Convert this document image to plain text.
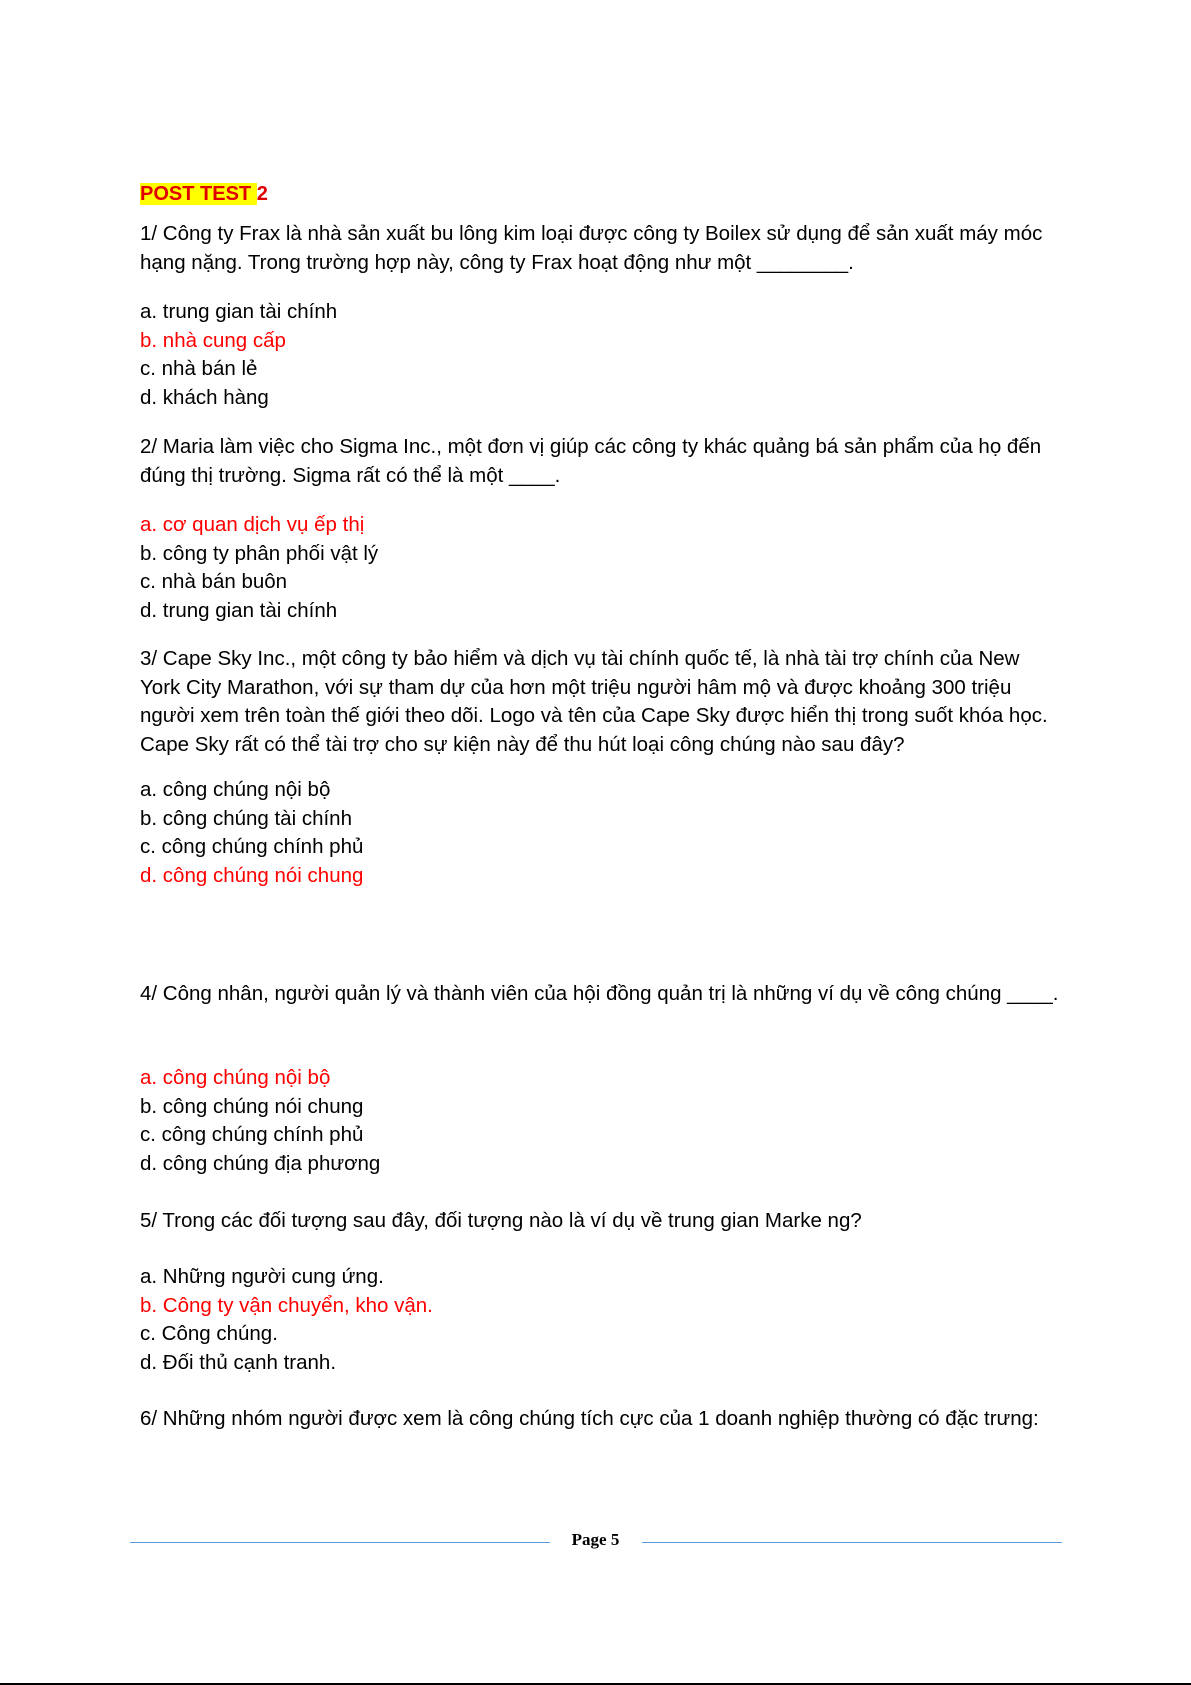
POST TEST 2

1/ Công ty Frax là nhà sản xuất bu lông kim loại được công ty Boilex sử dụng để sản xuất máy móc hạng nặng. Trong trường hợp này, công ty Frax hoạt động như một ________.

a. trung gian tài chính
b. nhà cung cấp
c. nhà bán lẻ
d. khách hàng

2/ Maria làm việc cho Sigma Inc., một đơn vị giúp các công ty khác quảng bá sản phẩm của họ đến đúng thị trường. Sigma rất có thể là một ____.

a. cơ quan dịch vụ ếp thị
b. công ty phân phối vật lý
c. nhà bán buôn
d. trung gian tài chính

3/ Cape Sky Inc., một công ty bảo hiểm và dịch vụ tài chính quốc tế, là nhà tài trợ chính của New York City Marathon, với sự tham dự của hơn một triệu người hâm mộ và được khoảng 300 triệu người xem trên toàn thế giới theo dõi. Logo và tên của Cape Sky được hiển thị trong suốt khóa học. Cape Sky rất có thể tài trợ cho sự kiện này để thu hút loại công chúng nào sau đây?

a. công chúng nội bộ
b. công chúng tài chính
c. công chúng chính phủ
d. công chúng nói chung

4/ Công nhân, người quản lý và thành viên của hội đồng quản trị là những ví dụ về công chúng ____.

a. công chúng nội bộ
b. công chúng nói chung
c. công chúng chính phủ
d. công chúng địa phương

5/ Trong các đối tượng sau đây, đối tượng nào là ví dụ về trung gian Marke ng?

a. Những người cung ứng.
b. Công ty vận chuyển, kho vận.
c. Công chúng.
d. Đối thủ cạnh tranh.

6/ Những nhóm người được xem là công chúng tích cực của 1 doanh nghiệp thường có đặc trưng:

Page 5
